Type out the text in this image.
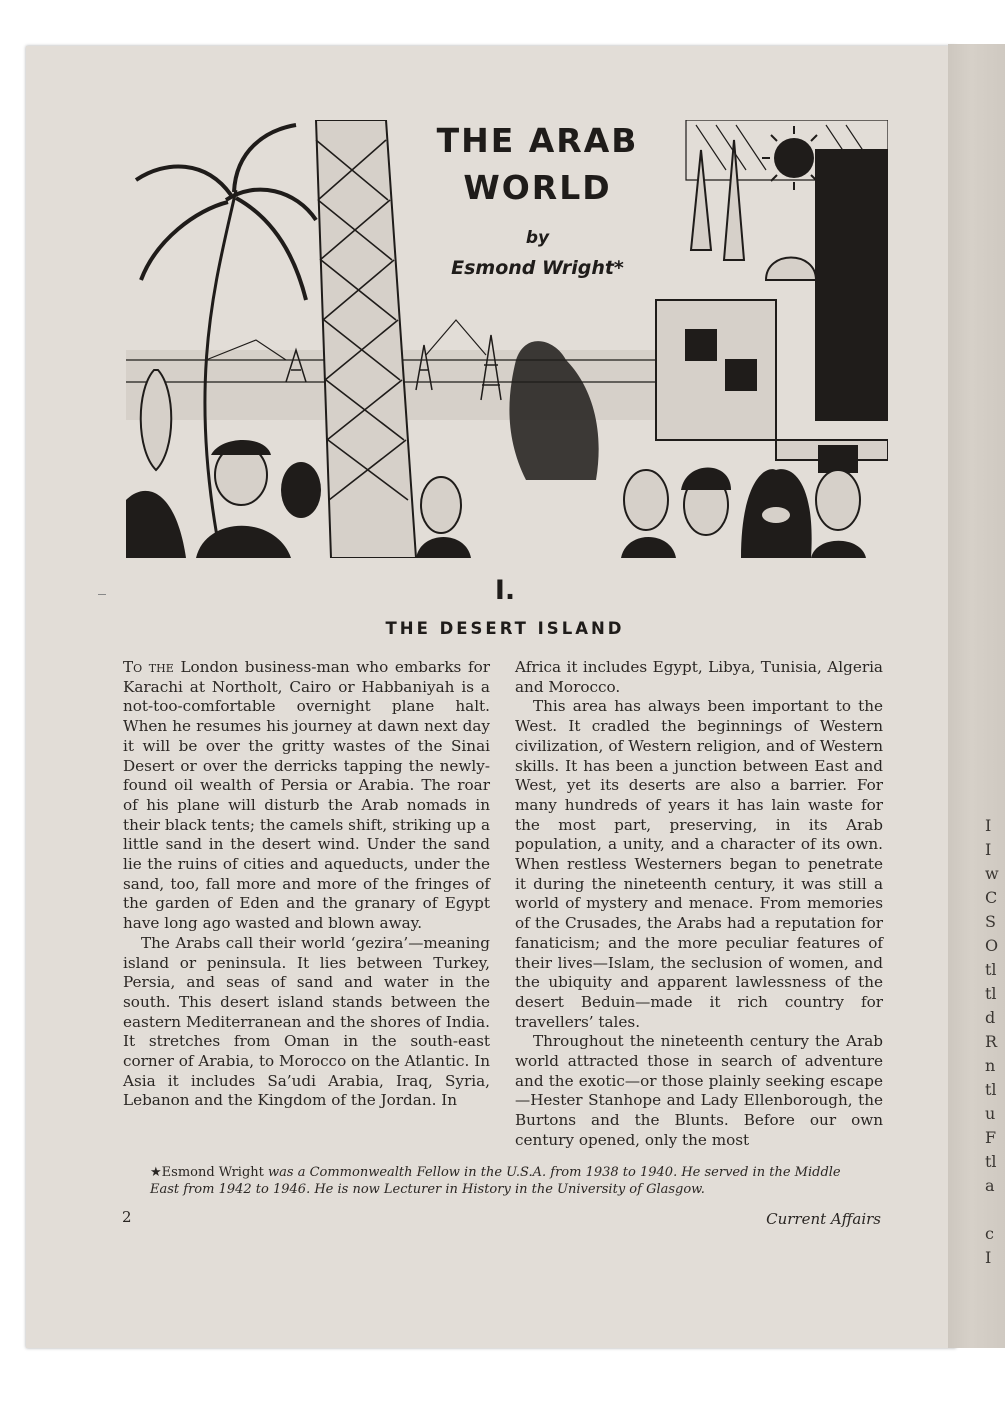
I
I
w
C
S
O
tl
tl
d
R
n
tl
u
F
tl
a

c
I
THE ARAB
WORLD
by
Esmond Wright*
I.
THE DESERT ISLAND

To the London business-man who embarks for Karachi at Northolt, Cairo or Habbaniyah is a not-too-comfortable overnight plane halt. When he resumes his journey at dawn next day it will be over the gritty wastes of the Sinai Desert or over the derricks tapping the newly-found oil wealth of Persia or Arabia. The roar of his plane will disturb the Arab nomads in their black tents; the camels shift, striking up a little sand in the desert wind. Under the sand lie the ruins of cities and aqueducts, under the sand, too, fall more and more of the fringes of the garden of Eden and the granary of Egypt have long ago wasted and blown away.

The Arabs call their world ‘gezira’—meaning island or peninsula. It lies between Turkey, Persia, and seas of sand and water in the south. This desert island stands between the eastern Mediterranean and the shores of India. It stretches from Oman in the south-east corner of Arabia, to Morocco on the Atlantic. In Asia it includes Sa’udi Arabia, Iraq, Syria, Lebanon and the Kingdom of the Jordan. In

Africa it includes Egypt, Libya, Tunisia, Algeria and Morocco.

This area has always been important to the West. It cradled the beginnings of Western civilization, of Western religion, and of Western skills. It has been a junction between East and West, yet its deserts are also a barrier. For many hundreds of years it has lain waste for the most part, preserving, in its Arab population, a unity, and a character of its own. When restless Westerners began to penetrate it during the nineteenth century, it was still a world of mystery and menace. From memories of the Crusades, the Arabs had a reputation for fanaticism; and the more peculiar features of their lives—Islam, the seclusion of women, and the ubiquity and apparent lawlessness of the desert Beduin—made it rich country for travellers’ tales.

Throughout the nineteenth century the Arab world attracted those in search of adventure and the exotic—or those plainly seeking escape—Hester Stanhope and Lady Ellenborough, the Burtons and the Blunts. Before our own century opened, only the most

★Esmond Wright was a Commonwealth Fellow in the U.S.A. from 1938 to 1940. He served in the Middle East from 1942 to 1946. He is now Lecturer in History in the University of Glasgow.
2	Current Affairs
